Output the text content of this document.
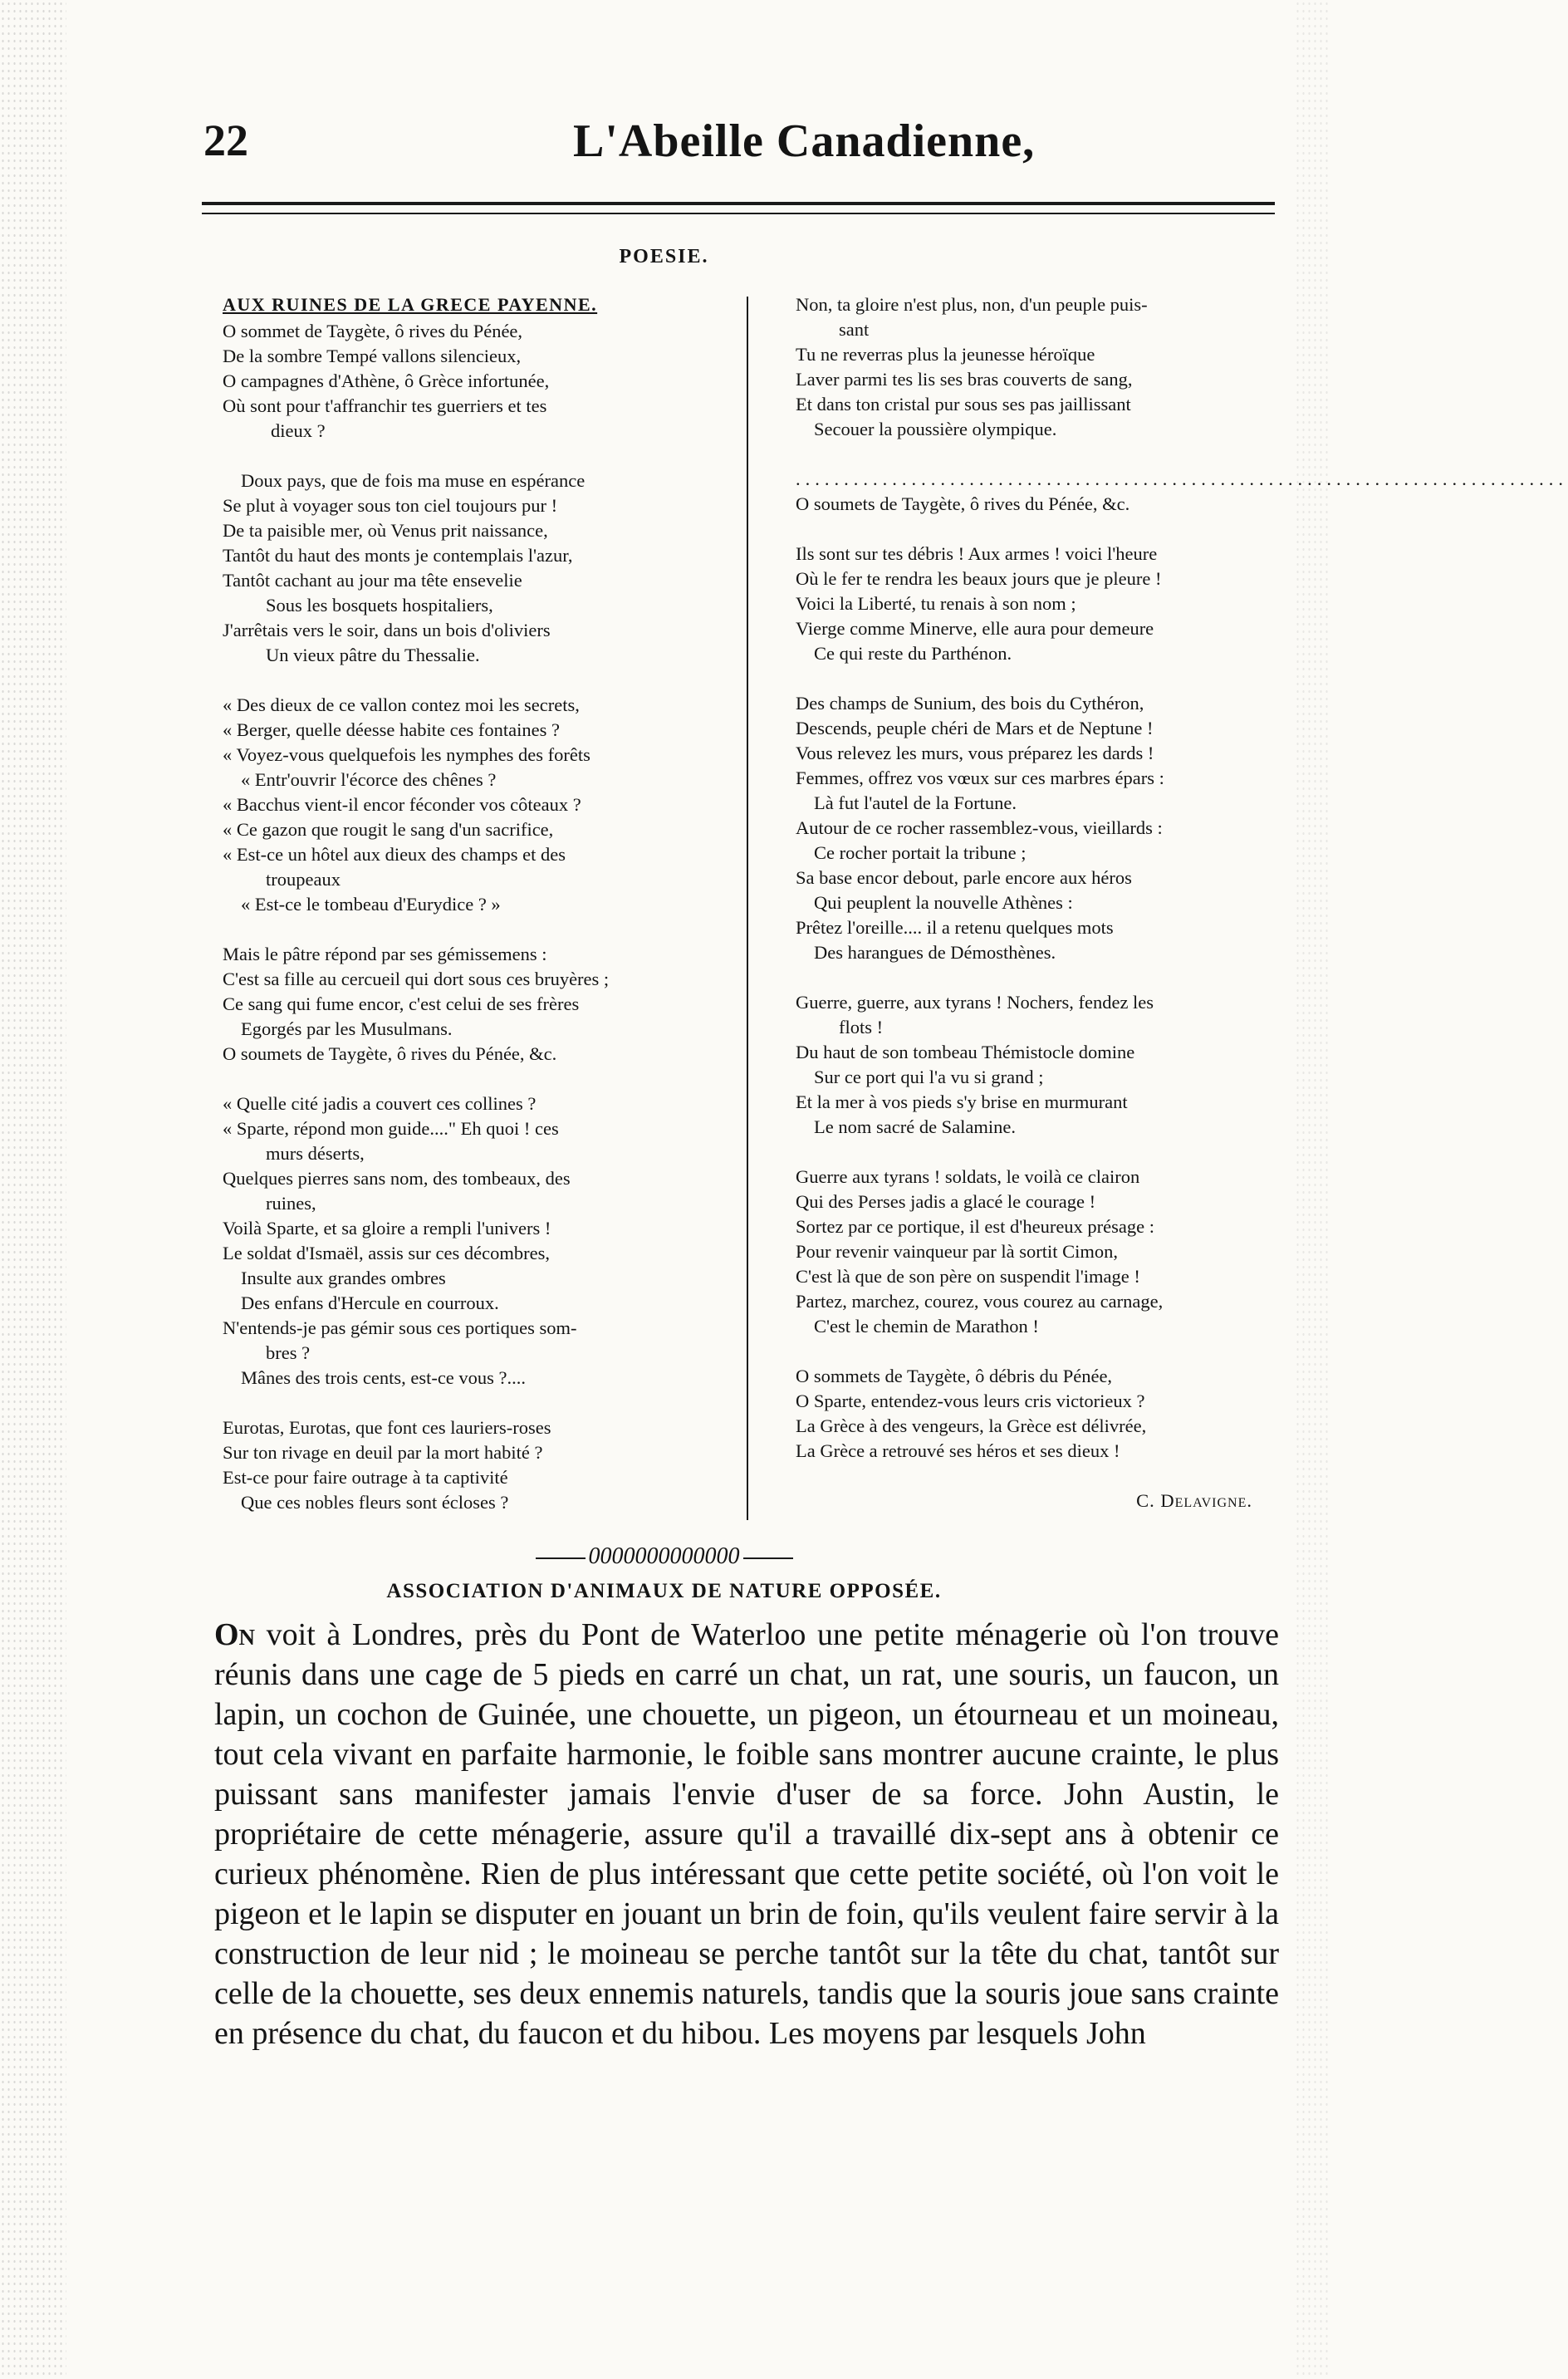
22	L'Abeille Canadienne,
POESIE.
AUX RUINES DE LA GRECE PAYENNE.
O sommet de Taygète, ô rives du Pénée,
De la sombre Tempé vallons silencieux,
O campagnes d'Athène, ô Grèce infortunée,
Où sont pour t'affranchir tes guerriers et tes
dieux ?
Doux pays, que de fois ma muse en espérance
Se plut à voyager sous ton ciel toujours pur !
De ta paisible mer, où Venus prit naissance,
Tantôt du haut des monts je contemplais l'azur,
Tantôt cachant au jour ma tête ensevelie
Sous les bosquets hospitaliers,
J'arrêtais vers le soir, dans un bois d'oliviers
Un vieux pâtre du Thessalie.
« Des dieux de ce vallon contez moi les secrets,
« Berger, quelle déesse habite ces fontaines ?
« Voyez-vous quelquefois les nymphes des forêts
« Entr'ouvrir l'écorce des chênes ?
« Bacchus vient-il encor féconder vos côteaux ?
« Ce gazon que rougit le sang d'un sacrifice,
« Est-ce un hôtel aux dieux des champs et des
troupeaux
« Est-ce le tombeau d'Eurydice ? »
Mais le pâtre répond par ses gémissemens :
C'est sa fille au cercueil qui dort sous ces bruyères ;
Ce sang qui fume encor, c'est celui de ses frères
Egorgés par les Musulmans.
O soumets de Taygète, ô rives du Pénée, &c.
« Quelle cité jadis a couvert ces collines ?
« Sparte, répond mon guide...." Eh quoi ! ces
murs déserts,
Quelques pierres sans nom, des tombeaux, des
ruines,
Voilà Sparte, et sa gloire a rempli l'univers !
Le soldat d'Ismaël, assis sur ces décombres,
Insulte aux grandes ombres
Des enfans d'Hercule en courroux.
N'entends-je pas gémir sous ces portiques som-
bres ?
Mânes des trois cents, est-ce vous ?....
Eurotas, Eurotas, que font ces lauriers-roses
Sur ton rivage en deuil par la mort habité ?
Est-ce pour faire outrage à ta captivité
Que ces nobles fleurs sont écloses ?
Non, ta gloire n'est plus, non, d'un peuple puis-
sant
Tu ne reverras plus la jeunesse héroïque
Laver parmi tes lis ses bras couverts de sang,
Et dans ton cristal pur sous ses pas jaillissant
Secouer la poussière olympique.
................................................................................
O soumets de Taygète, ô rives du Pénée, &c.
Ils sont sur tes débris ! Aux armes ! voici l'heure
Où le fer te rendra les beaux jours que je pleure !
Voici la Liberté, tu renais à son nom ;
Vierge comme Minerve, elle aura pour demeure
Ce qui reste du Parthénon.
Des champs de Sunium, des bois du Cythéron,
Descends, peuple chéri de Mars et de Neptune !
Vous relevez les murs, vous préparez les dards !
Femmes, offrez vos vœux sur ces marbres épars :
Là fut l'autel de la Fortune.
Autour de ce rocher rassemblez-vous, vieillards :
Ce rocher portait la tribune ;
Sa base encor debout, parle encore aux héros
Qui peuplent la nouvelle Athènes :
Prêtez l'oreille.... il a retenu quelques mots
Des harangues de Démosthènes.
Guerre, guerre, aux tyrans ! Nochers, fendez les
flots !
Du haut de son tombeau Thémistocle domine
Sur ce port qui l'a vu si grand ;
Et la mer à vos pieds s'y brise en murmurant
Le nom sacré de Salamine.
Guerre aux tyrans ! soldats, le voilà ce clairon
Qui des Perses jadis a glacé le courage !
Sortez par ce portique, il est d'heureux présage :
Pour revenir vainqueur par là sortit Cimon,
C'est là que de son père on suspendit l'image !
Partez, marchez, courez, vous courez au carnage,
C'est le chemin de Marathon !
O sommets de Taygète, ô débris du Pénée,
O Sparte, entendez-vous leurs cris victorieux ?
La Grèce à des vengeurs, la Grèce est délivrée,
La Grèce a retrouvé ses héros et ses dieux !
C. Delavigne.
0000000000000
ASSOCIATION D'ANIMAUX DE NATURE OPPOSÉE.
On voit à Londres, près du Pont de Waterloo une petite ménagerie où l'on trouve réunis dans une cage de 5 pieds en carré un chat, un rat, une souris, un faucon, un lapin, un cochon de Guinée, une chouette, un pigeon, un étourneau et un moineau, tout cela vivant en parfaite harmonie, le foible sans montrer aucune crainte, le plus puissant sans manifester jamais l'envie d'user de sa force. John Austin, le propriétaire de cette ménagerie, assure qu'il a travaillé dix-sept ans à obtenir ce curieux phénomène. Rien de plus intéressant que cette petite société, où l'on voit le pigeon et le lapin se disputer en jouant un brin de foin, qu'ils veulent faire servir à la construction de leur nid ; le moineau se perche tantôt sur la tête du chat, tantôt sur celle de la chouette, ses deux ennemis naturels, tandis que la souris joue sans crainte en présence du chat, du faucon et du hibou. Les moyens par lesquels John
